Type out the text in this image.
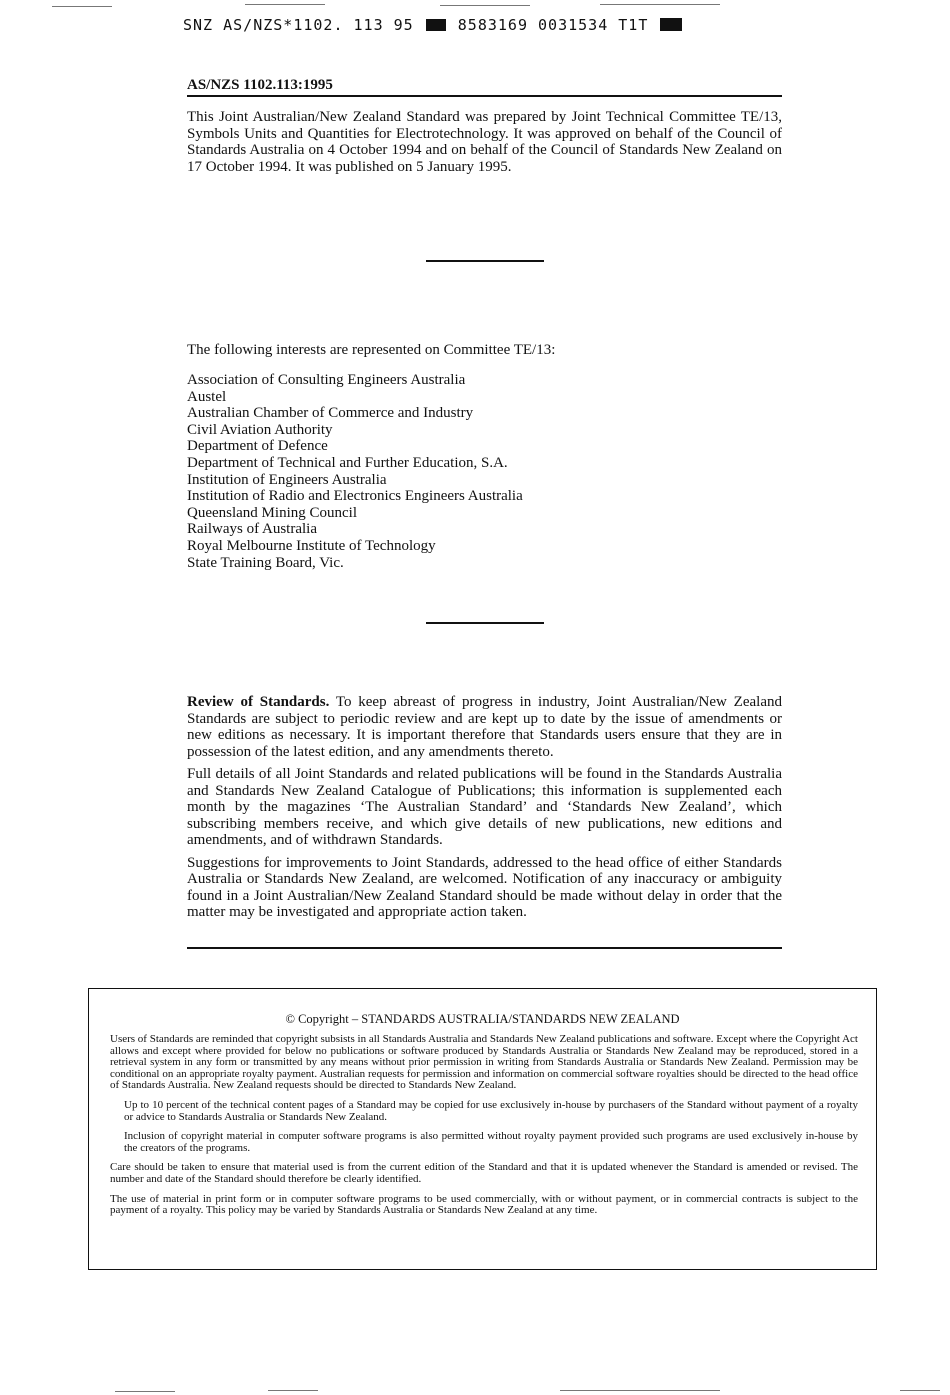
SNZ AS/NZS*1102. 113 95	8583169 0031534 T1T
AS/NZS 1102.113:1995
This Joint Australian/New Zealand Standard was prepared by Joint Technical Committee TE/13, Symbols Units and Quantities for Electrotechnology. It was approved on behalf of the Council of Standards Australia on 4 October 1994 and on behalf of the Council of Standards New Zealand on 17 October 1994. It was published on 5 January 1995.
The following interests are represented on Committee TE/13:
Association of Consulting Engineers Australia
Austel
Australian Chamber of Commerce and Industry
Civil Aviation Authority
Department of Defence
Department of Technical and Further Education, S.A.
Institution of Engineers Australia
Institution of Radio and Electronics Engineers Australia
Queensland Mining Council
Railways of Australia
Royal Melbourne Institute of Technology
State Training Board, Vic.

Review of Standards. To keep abreast of progress in industry, Joint Australian/New Zealand Standards are subject to periodic review and are kept up to date by the issue of amendments or new editions as necessary. It is important therefore that Standards users ensure that they are in possession of the latest edition, and any amendments thereto.

Full details of all Joint Standards and related publications will be found in the Standards Australia and Standards New Zealand Catalogue of Publications; this information is supplemented each month by the magazines ‘The Australian Standard’ and ‘Standards New Zealand’, which subscribing members receive, and which give details of new publications, new editions and amendments, and of withdrawn Standards.

Suggestions for improvements to Joint Standards, addressed to the head office of either Standards Australia or Standards New Zealand, are welcomed. Notification of any inaccuracy or ambiguity found in a Joint Australian/New Zealand Standard should be made without delay in order that the matter may be investigated and appropriate action taken.

© Copyright – STANDARDS AUSTRALIA/STANDARDS NEW ZEALAND

Users of Standards are reminded that copyright subsists in all Standards Australia and Standards New Zealand publications and software. Except where the Copyright Act allows and except where provided for below no publications or software produced by Standards Australia or Standards New Zealand may be reproduced, stored in a retrieval system in any form or transmitted by any means without prior permission in writing from Standards Australia or Standards New Zealand. Permission may be conditional on an appropriate royalty payment. Australian requests for permission and information on commercial software royalties should be directed to the head office of Standards Australia. New Zealand requests should be directed to Standards New Zealand.

Up to 10 percent of the technical content pages of a Standard may be copied for use exclusively in-house by purchasers of the Standard without payment of a royalty or advice to Standards Australia or Standards New Zealand.

Inclusion of copyright material in computer software programs is also permitted without royalty payment provided such programs are used exclusively in-house by the creators of the programs.

Care should be taken to ensure that material used is from the current edition of the Standard and that it is updated whenever the Standard is amended or revised. The number and date of the Standard should therefore be clearly identified.

The use of material in print form or in computer software programs to be used commercially, with or without payment, or in commercial contracts is subject to the payment of a royalty. This policy may be varied by Standards Australia or Standards New Zealand at any time.
